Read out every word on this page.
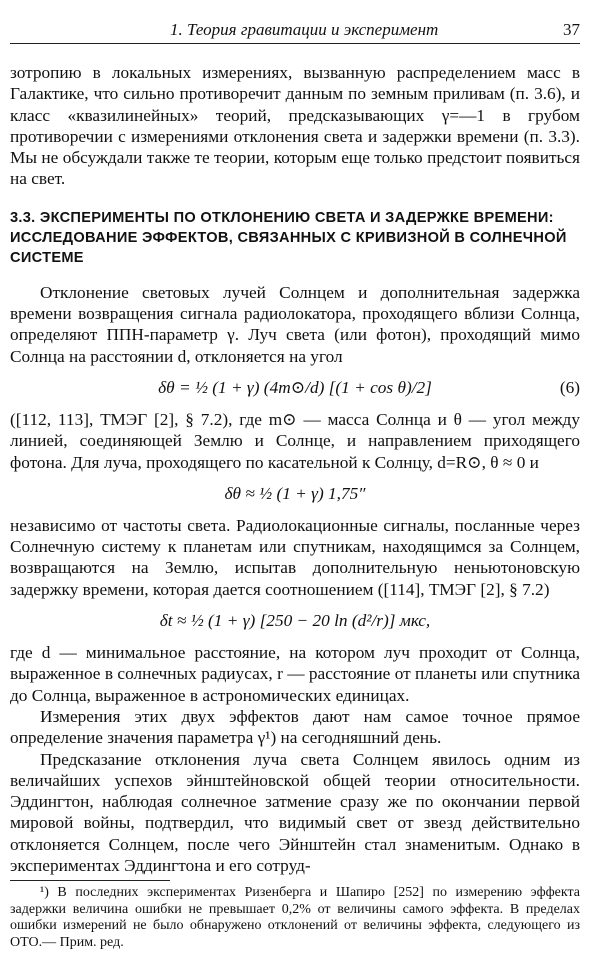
1. Теория гравитации и эксперимент	37

зотропию в локальных измерениях, вызванную распределением масс в Галактике, что сильно противоречит данным по земным приливам (п. 3.6), и класс «квазилинейных» теорий, предсказывающих γ=—1 в грубом противоречии с измерениями отклонения света и задержки времени (п. 3.3). Мы не обсуждали также те теории, которым еще только предстоит появиться на свет.

3.3. ЭКСПЕРИМЕНТЫ ПО ОТКЛОНЕНИЮ СВЕТА И ЗАДЕРЖКЕ ВРЕМЕНИ: ИССЛЕДОВАНИЕ ЭФФЕКТОВ, СВЯЗАННЫХ С КРИВИЗНОЙ В СОЛНЕЧНОЙ СИСТЕМЕ

Отклонение световых лучей Солнцем и дополнительная задержка времени возвращения сигнала радиолокатора, проходящего вблизи Солнца, определяют ППН-параметр γ. Луч света (или фотон), проходящий мимо Солнца на расстоянии d, отклоняется на угол

δθ = ½ (1 + γ) (4m⊙/d) [(1 + cos θ)/2]	(6)

([112, 113], ТМЭГ [2], § 7.2), где m⊙ — масса Солнца и θ — угол между линией, соединяющей Землю и Солнце, и направлением приходящего фотона. Для луча, проходящего по касательной к Солнцу, d=R⊙, θ ≈ 0 и

δθ ≈ ½ (1 + γ) 1,75″

независимо от частоты света. Радиолокационные сигналы, посланные через Солнечную систему к планетам или спутникам, находящимся за Солнцем, возвращаются на Землю, испытав дополнительную неньютоновскую задержку времени, которая дается соотношением ([114], ТМЭГ [2], § 7.2)

δt ≈ ½ (1 + γ) [250 − 20 ln (d²/r)] мкс,

где d — минимальное расстояние, на котором луч проходит от Солнца, выраженное в солнечных радиусах, r — расстояние от планеты или спутника до Солнца, выраженное в астрономических единицах.

Измерения этих двух эффектов дают нам самое точное прямое определение значения параметра γ¹) на сегодняшний день.

Предсказание отклонения луча света Солнцем явилось одним из величайших успехов эйнштейновской общей теории относительности. Эддингтон, наблюдая солнечное затмение сразу же по окончании первой мировой войны, подтвердил, что видимый свет от звезд действительно отклоняется Солнцем, после чего Эйнштейн стал знаменитым. Однако в экспериментах Эддингтона и его сотруд-

¹) В последних экспериментах Ризенберга и Шапиро [252] по измерению эффекта задержки величина ошибки не превышает 0,2% от величины самого эффекта. В пределах ошибки измерений не было обнаружено отклонений от величины эффекта, следующего из ОТО.— Прим. ред.
